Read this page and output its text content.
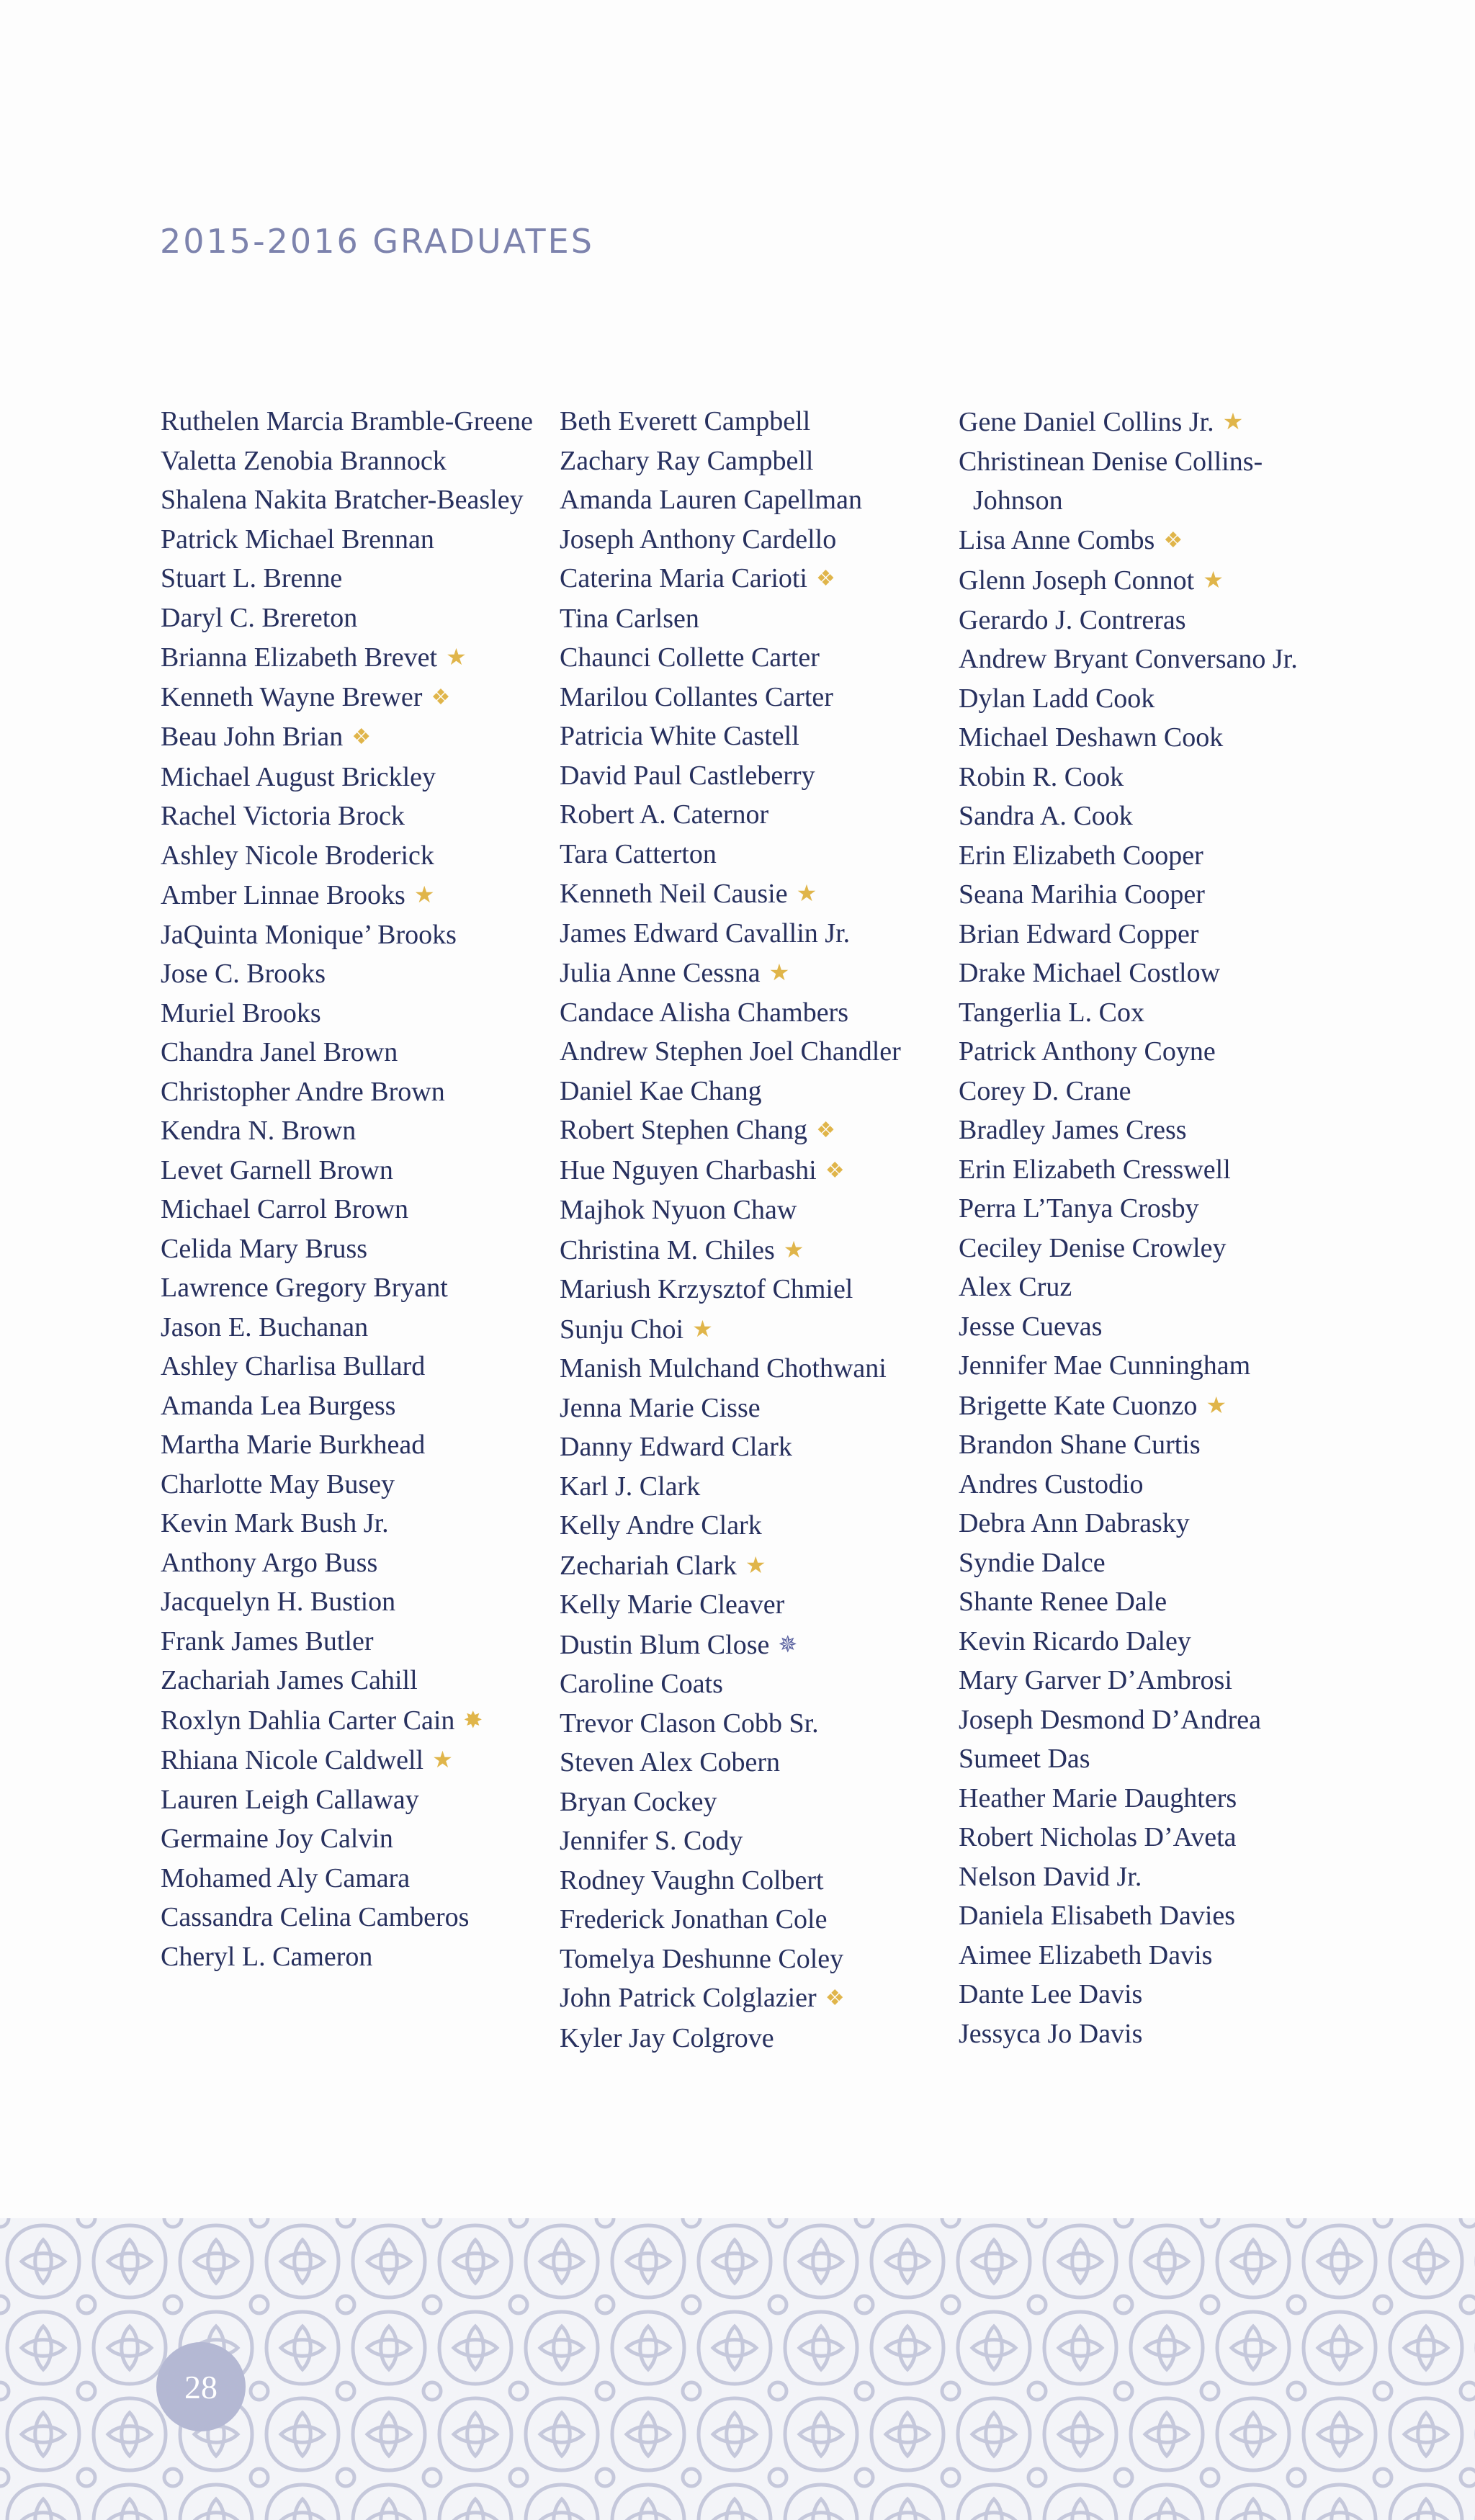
2015-2016 GRADUATES
Ruthelen Marcia Bramble-Greene
Valetta Zenobia Brannock
Shalena Nakita Bratcher-Beasley
Patrick Michael Brennan
Stuart L. Brenne
Daryl C. Brereton
Brianna Elizabeth Brevet ★
Kenneth Wayne Brewer ❖
Beau John Brian ❖
Michael August Brickley
Rachel Victoria Brock
Ashley Nicole Broderick
Amber Linnae Brooks ★
JaQuinta Monique’ Brooks
Jose C. Brooks
Muriel Brooks
Chandra Janel Brown
Christopher Andre Brown
Kendra N. Brown
Levet Garnell Brown
Michael Carrol Brown
Celida Mary Bruss
Lawrence Gregory Bryant
Jason E. Buchanan
Ashley Charlisa Bullard
Amanda Lea Burgess
Martha Marie Burkhead
Charlotte May Busey
Kevin Mark Bush Jr.
Anthony Argo Buss
Jacquelyn H. Bustion
Frank James Butler
Zachariah James Cahill
Roxlyn Dahlia Carter Cain ✸
Rhiana Nicole Caldwell ★
Lauren Leigh Callaway
Germaine Joy Calvin
Mohamed Aly Camara
Cassandra Celina Camberos
Cheryl L. Cameron
Beth Everett Campbell
Zachary Ray Campbell
Amanda Lauren Capellman
Joseph Anthony Cardello
Caterina Maria Carioti ❖
Tina Carlsen
Chaunci Collette Carter
Marilou Collantes Carter
Patricia White Castell
David Paul Castleberry
Robert A. Caternor
Tara Catterton
Kenneth Neil Causie ★
James Edward Cavallin Jr.
Julia Anne Cessna ★
Candace Alisha Chambers
Andrew Stephen Joel Chandler
Daniel Kae Chang
Robert Stephen Chang ❖
Hue Nguyen Charbashi ❖
Majhok Nyuon Chaw
Christina M. Chiles ★
Mariush Krzysztof Chmiel
Sunju Choi ★
Manish Mulchand Chothwani
Jenna Marie Cisse
Danny Edward Clark
Karl J. Clark
Kelly Andre Clark
Zechariah Clark ★
Kelly Marie Cleaver
Dustin Blum Close ✵
Caroline Coats
Trevor Clason Cobb Sr.
Steven Alex Cobern
Bryan Cockey
Jennifer S. Cody
Rodney Vaughn Colbert
Frederick Jonathan Cole
Tomelya Deshunne Coley
John Patrick Colglazier ❖
Kyler Jay Colgrove
Gene Daniel Collins Jr. ★
Christinean Denise Collins-Johnson
Lisa Anne Combs ❖
Glenn Joseph Connot ★
Gerardo J. Contreras
Andrew Bryant Conversano Jr.
Dylan Ladd Cook
Michael Deshawn Cook
Robin R. Cook
Sandra A. Cook
Erin Elizabeth Cooper
Seana Marihia Cooper
Brian Edward Copper
Drake Michael Costlow
Tangerlia L. Cox
Patrick Anthony Coyne
Corey D. Crane
Bradley James Cress
Erin Elizabeth Cresswell
Perra L’Tanya Crosby
Ceciley Denise Crowley
Alex Cruz
Jesse Cuevas
Jennifer Mae Cunningham
Brigette Kate Cuonzo ★
Brandon Shane Curtis
Andres Custodio
Debra Ann Dabrasky
Syndie Dalce
Shante Renee Dale
Kevin Ricardo Daley
Mary Garver D’Ambrosi
Joseph Desmond D’Andrea
Sumeet Das
Heather Marie Daughters
Robert Nicholas D’Aveta
Nelson David Jr.
Daniela Elisabeth Davies
Aimee Elizabeth Davis
Dante Lee Davis
Jessyca Jo Davis
28
